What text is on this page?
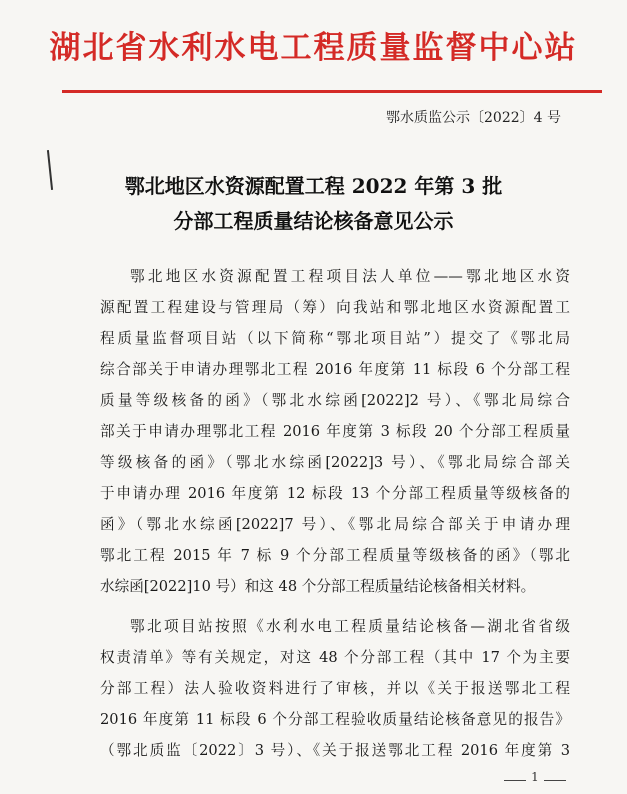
湖北省水利水电工程质量监督中心站
鄂水质监公示〔2022〕4 号
鄂北地区水资源配置工程 2022 年第 3 批
分部工程质量结论核备意见公示
鄂北地区水资源配置工程项目法人单位——鄂北地区水资
源配置工程建设与管理局（筹）向我站和鄂北地区水资源配置工
程质量监督项目站（以下简称“鄂北项目站”）提交了《鄂北局
综合部关于申请办理鄂北工程 2016 年度第 11 标段 6 个分部工程
质量等级核备的函》（鄂北水综函[2022]2 号）、《鄂北局综合
部关于申请办理鄂北工程 2016 年度第 3 标段 20 个分部工程质量
等级核备的函》（鄂北水综函[2022]3 号）、《鄂北局综合部关
于申请办理 2016 年度第 12 标段 13 个分部工程质量等级核备的
函》（鄂北水综函[2022]7 号）、《鄂北局综合部关于申请办理
鄂北工程 2015 年 7 标 9 个分部工程质量等级核备的函》（鄂北
水综函[2022]10 号）和这 48 个分部工程质量结论核备相关材料。
鄂北项目站按照《水利水电工程质量结论核备—湖北省省级
权责清单》等有关规定，对这 48 个分部工程（其中 17 个为主要
分部工程）法人验收资料进行了审核，并以《关于报送鄂北工程
2016 年度第 11 标段 6 个分部工程验收质量结论核备意见的报告》
（鄂北质监〔2022〕3 号）、《关于报送鄂北工程 2016 年度第 3
1
